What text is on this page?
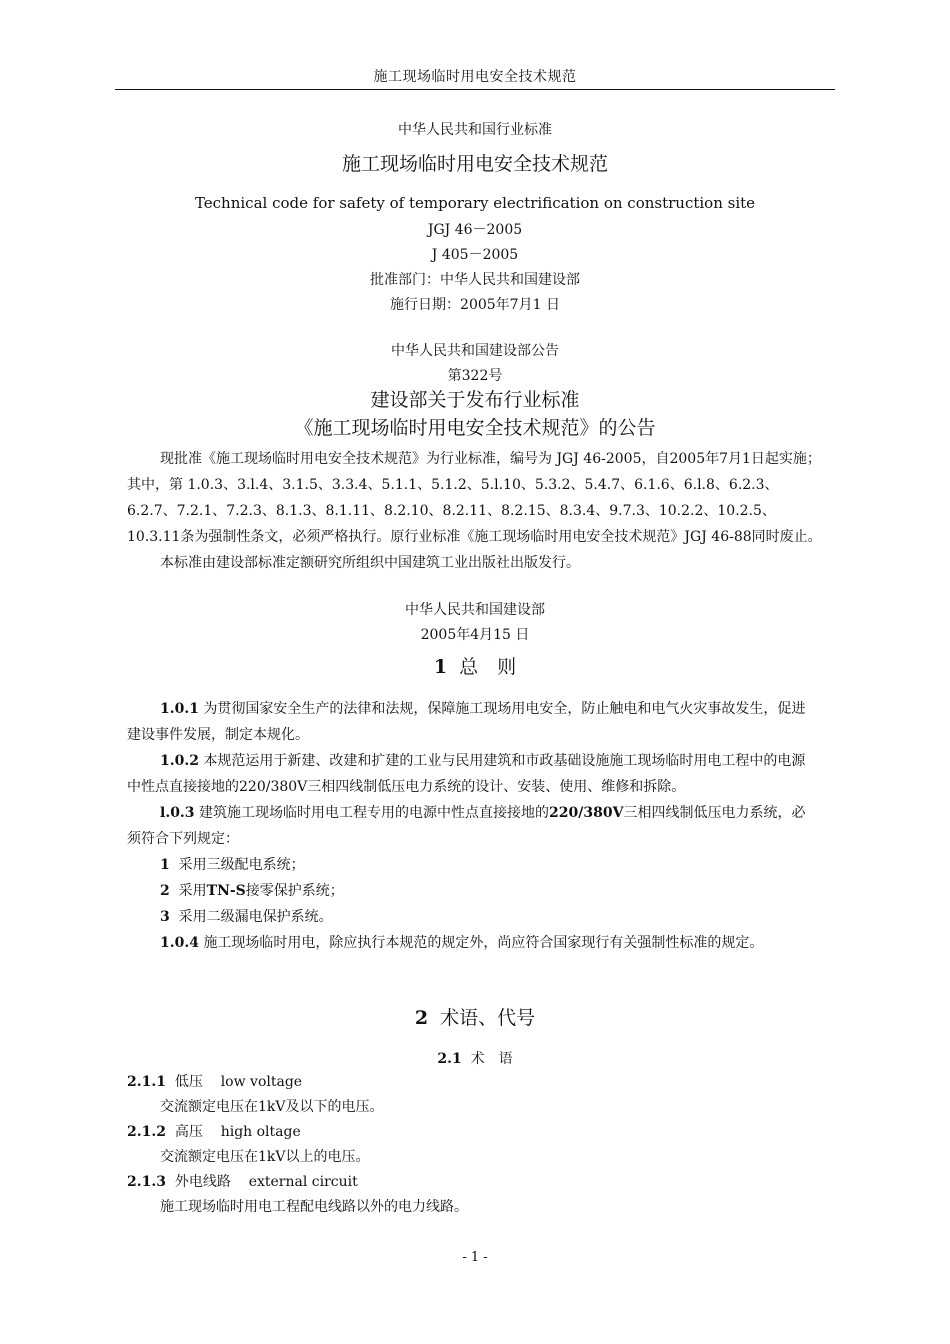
施工现场临时用电安全技术规范
中华人民共和国行业标准
施工现场临时用电安全技术规范
Technical code for safety of temporary electrification on construction site
JGJ 46－2005
J 405－2005
批准部门：中华人民共和国建设部
施行日期：2005年7月1 日
中华人民共和国建设部公告
第322号
建设部关于发布行业标准
《施工现场临时用电安全技术规范》的公告

现批准《施工现场临时用电安全技术规范》为行业标准，编号为 JGJ 46-2005，自2005年7月1日起实施；其中，第 1.0.3、3.l.4、3.1.5、3.3.4、5.1.1、5.1.2、5.l.10、5.3.2、5.4.7、6.1.6、6.l.8、6.2.3、6.2.7、7.2.1、7.2.3、8.1.3、8.1.11、8.2.10、8.2.11、8.2.15、8.3.4、9.7.3、10.2.2、10.2.5、10.3.11条为强制性条文，必须严格执行。原行业标准《施工现场临时用电安全技术规范》JGJ 46-88同时废止。

本标准由建设部标准定额研究所组织中国建筑工业出版社出版发行。

中华人民共和国建设部
2005年4月15 日
1 总　则

1.0.1 为贯彻国家安全生产的法律和法规，保障施工现场用电安全，防止触电和电气火灾事故发生，促进建设事件发展，制定本规化。

1.0.2 本规范运用于新建、改建和扩建的工业与民用建筑和市政基础设施施工现场临时用电工程中的电源中性点直接接地的220/380V三相四线制低压电力系统的设计、安装、使用、维修和拆除。

l.0.3 建筑施工现场临时用电工程专用的电源中性点直接接地的220/380V三相四线制低压电力系统，必须符合下列规定：

1 采用三级配电系统；

2 采用TN-S接零保护系统；

3 采用二级漏电保护系统。

1.0.4 施工现场临时用电，除应执行本规范的规定外，尚应符合国家现行有关强制性标准的规定。

2 术语、代号
2.1 术　语

2.1.1 低压 low voltage

交流额定电压在1kV及以下的电压。

2.1.2 高压 high oltage

交流额定电压在1kV以上的电压。

2.1.3 外电线路 external circuit

施工现场临时用电工程配电线路以外的电力线路。

- 1 -
